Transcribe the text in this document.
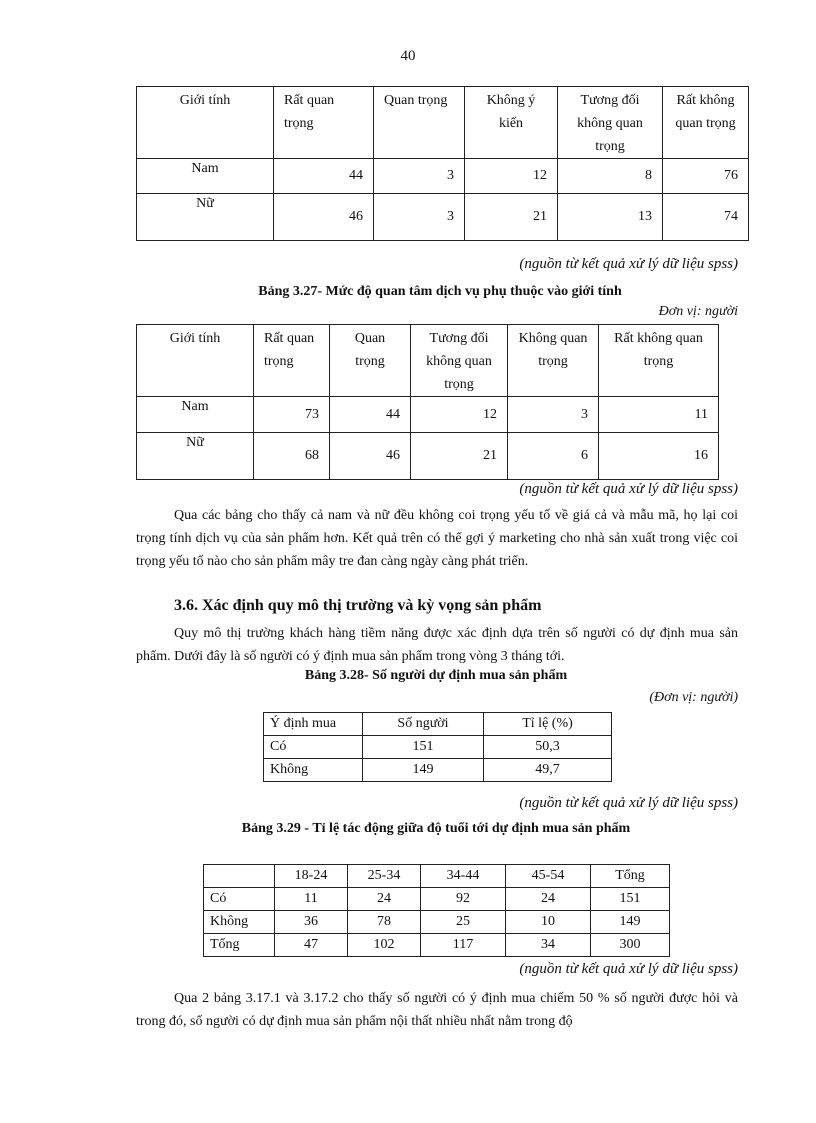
40
Giới tính	Rất quan trọng	Quan trọng	Không ý kiến	Tương đối không quan trọng	Rất không quan trọng
Nam	44	3	12	8	76
Nữ	46	3	21	13	74
(nguồn từ kết quả xử lý dữ liệu spss)
Bảng 3.27- Mức độ quan tâm dịch vụ phụ thuộc vào giới tính
Đơn vị: người
Giới tính	Rất quan trọng	Quan trọng	Tương đối không quan trọng	Không quan trọng	Rất không quan trọng
Nam	73	44	12	3	11
Nữ	68	46	21	6	16
(nguồn từ kết quả xử lý dữ liệu spss)
Qua các bảng cho thấy cả nam và nữ đều không coi trọng yếu tố về giá cả và mẫu mã, họ lại coi trọng tính dịch vụ của sản phẩm hơn. Kết quả trên có thể gợi ý marketing cho nhà sản xuất trong việc coi trọng yếu tố nào cho sản phẩm mây tre đan càng ngày càng phát triển.
3.6. Xác định quy mô thị trường và kỳ vọng sản phẩm
Quy mô thị trường khách hàng tiềm năng được xác định dựa trên số người có dự định mua sản phẩm. Dưới đây là số người có ý định mua sản phẩm trong vòng 3 tháng tới.
Bảng 3.28- Số người dự định mua sản phẩm
(Đơn vị: người)
Ý định mua	Số người	Tỉ lệ (%)
Có	151	50,3
Không	149	49,7
(nguồn từ kết quả xử lý dữ liệu spss)
Bảng 3.29 - Tỉ lệ tác động giữa độ tuổi tới dự định mua sản phẩm
	18-24	25-34	34-44	45-54	Tổng
Có	11	24	92	24	151
Không	36	78	25	10	149
Tổng	47	102	117	34	300
(nguồn từ kết quả xử lý dữ liệu spss)
Qua 2 bảng 3.17.1 và 3.17.2 cho thấy số người có ý định mua chiếm 50 % số người được hỏi và trong đó, số người có dự định mua sản phẩm nội thất nhiều nhất nằm trong độ
